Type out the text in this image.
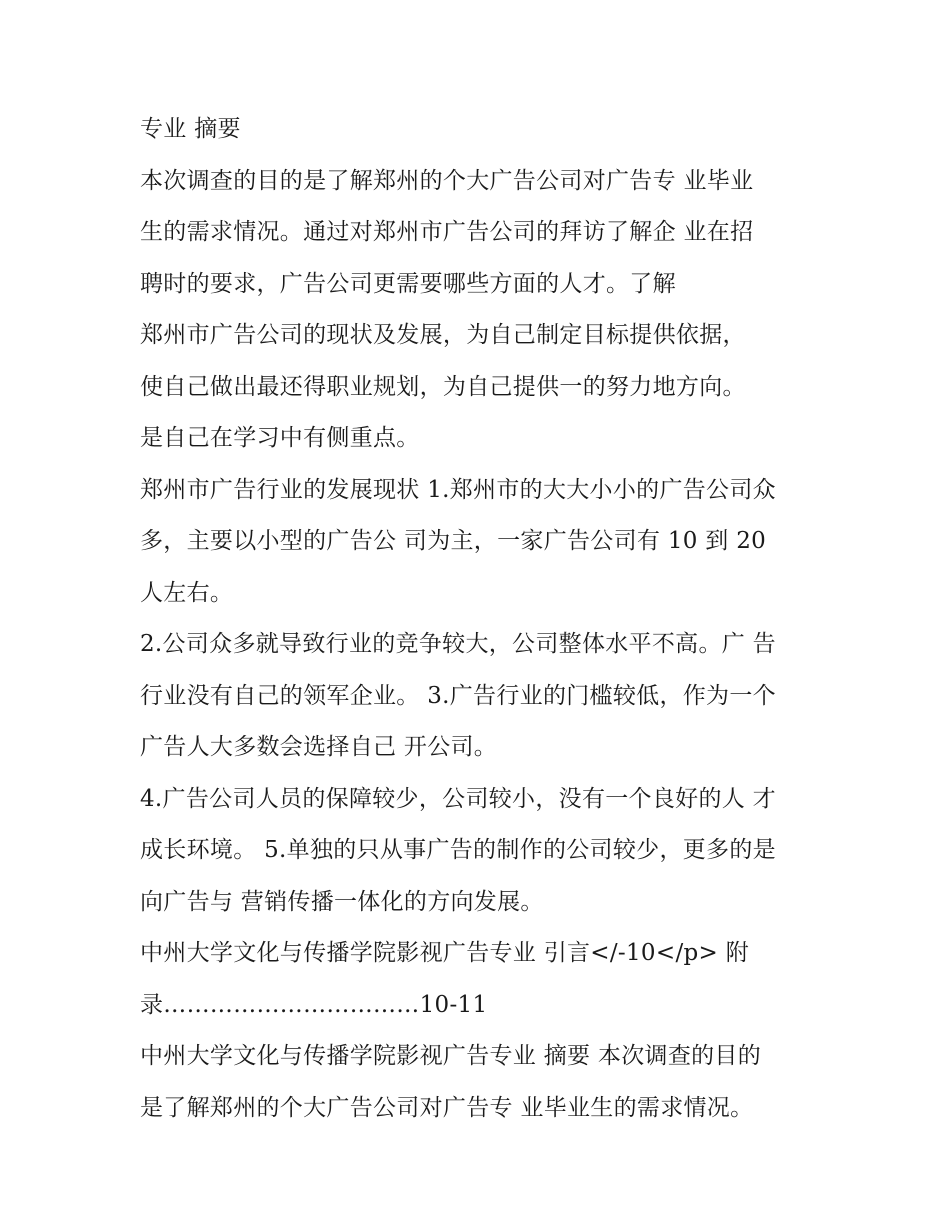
专业 摘要
本次调查的目的是了解郑州的个大广告公司对广告专 业毕业
生的需求情况。通过对郑州市广告公司的拜访了解企 业在招
聘时的要求，广告公司更需要哪些方面的人才。了解
郑州市广告公司的现状及发展，为自己制定目标提供依据，
使自己做出最还得职业规划，为自己提供一的努力地方向。
是自己在学习中有侧重点。
郑州市广告行业的发展现状 1.郑州市的大大小小的广告公司众
多，主要以小型的广告公 司为主，一家广告公司有 10 到 20
人左右。
2.公司众多就导致行业的竞争较大，公司整体水平不高。广 告
行业没有自己的领军企业。 3.广告行业的门槛较低，作为一个
广告人大多数会选择自己 开公司。
4.广告公司人员的保障较少，公司较小，没有一个良好的人 才
成长环境。 5.单独的只从事广告的制作的公司较少，更多的是
向广告与 营销传播一体化的方向发展。
中州大学文化与传播学院影视广告专业 引言</-10</p> 附
录……………………………10-11
中州大学文化与传播学院影视广告专业 摘要 本次调查的目的
是了解郑州的个大广告公司对广告专 业毕业生的需求情况。
